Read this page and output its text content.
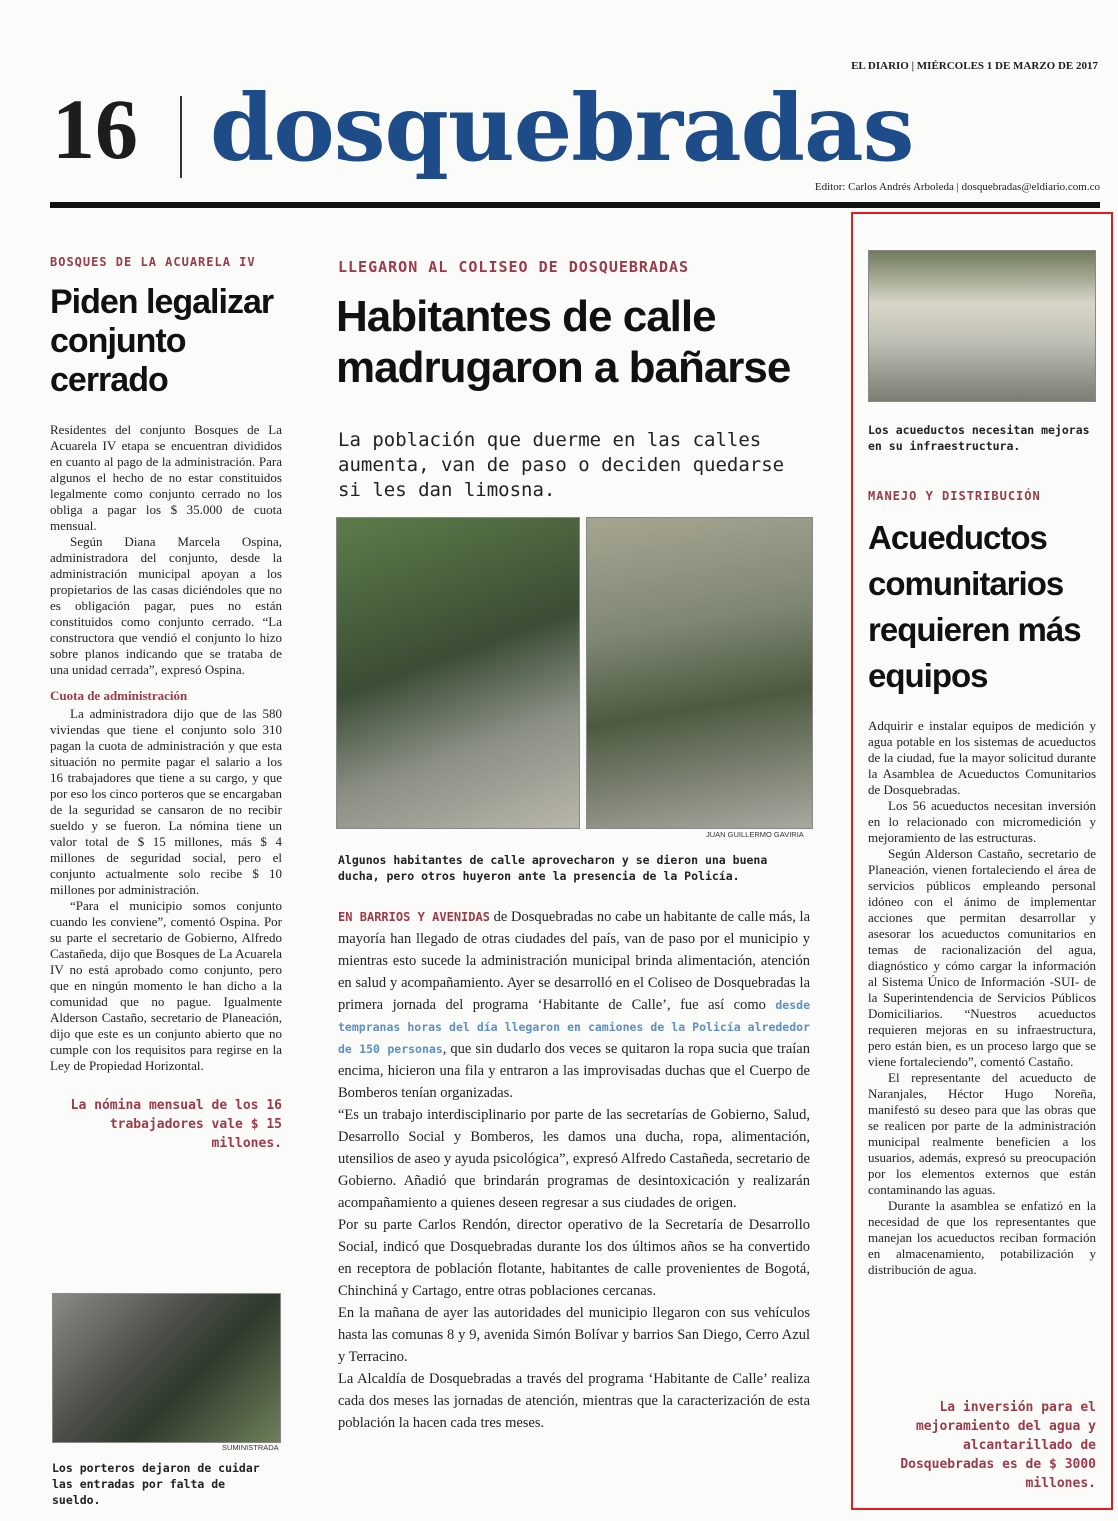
EL DIARIO | MIÉRCOLES 1 DE MARZO DE 2017
16 dosquebradas
Editor: Carlos Andrés Arboleda | dosquebradas@eldiario.com.co
BOSQUES DE LA ACUARELA IV
Piden legalizar conjunto cerrado

Residentes del conjunto Bosques de La Acuarela IV etapa se encuentran divididos en cuanto al pago de la administración. Para algunos el hecho de no estar constituidos legalmente como conjunto cerrado no los obliga a pagar los $ 35.000 de cuota mensual.

Según Diana Marcela Ospina, administradora del conjunto, desde la administración municipal apoyan a los propietarios de las casas diciéndoles que no es obligación pagar, pues no están constituidos como conjunto cerrado. “La constructora que vendió el conjunto lo hizo sobre planos indicando que se trataba de una unidad cerrada”, expresó Ospina.

Cuota de administración

La administradora dijo que de las 580 viviendas que tiene el conjunto solo 310 pagan la cuota de administración y que esta situación no permite pagar el salario a los 16 trabajadores que tiene a su cargo, y que por eso los cinco porteros que se encargaban de la seguridad se cansaron de no recibir sueldo y se fueron. La nómina tiene un valor total de $ 15 millones, más $ 4 millones de seguridad social, pero el conjunto actualmente solo recibe $ 10 millones por administración.

“Para el municipio somos conjunto cuando les conviene”, comentó Ospina. Por su parte el secretario de Gobierno, Alfredo Castañeda, dijo que Bosques de La Acuarela IV no está aprobado como conjunto, pero que en ningún momento le han dicho a la comunidad que no pague. Igualmente Alderson Castaño, secretario de Planeación, dijo que este es un conjunto abierto que no cumple con los requisitos para regirse en la Ley de Propiedad Horizontal.

La nómina mensual de los 16 trabajadores vale $ 15 millones.
SUMINISTRADA
Los porteros dejaron de cuidar las entradas por falta de sueldo.
LLEGARON AL COLISEO DE DOSQUEBRADAS
Habitantes de calle madrugaron a bañarse
La población que duerme en las calles aumenta, van de paso o deciden quedarse si les dan limosna.
JUAN GUILLERMO GAVIRIA
Algunos habitantes de calle aprovecharon y se dieron una buena ducha, pero otros huyeron ante la presencia de la Policía.

EN BARRIOS Y AVENIDAS de Dosquebradas no cabe un habitante de calle más, la mayoría han llegado de otras ciudades del país, van de paso por el municipio y mientras esto sucede la administración municipal brinda alimentación, atención en salud y acompañamiento. Ayer se desarrolló en el Coliseo de Dosquebradas la primera jornada del programa ‘Habitante de Calle’, fue así como desde tempranas horas del día llegaron en camiones de la Policía alrededor de 150 personas, que sin dudarlo dos veces se quitaron la ropa sucia que traían encima, hicieron una fila y entraron a las improvisadas duchas que el Cuerpo de Bomberos tenían organizadas.

“Es un trabajo interdisciplinario por parte de las secretarías de Gobierno, Salud, Desarrollo Social y Bomberos, les damos una ducha, ropa, alimentación, utensilios de aseo y ayuda psicológica”, expresó Alfredo Castañeda, secretario de Gobierno. Añadió que brindarán programas de desintoxicación y realizarán acompañamiento a quienes deseen regresar a sus ciudades de origen.

Por su parte Carlos Rendón, director operativo de la Secretaría de Desarrollo Social, indicó que Dosquebradas durante los dos últimos años se ha convertido en receptora de población flotante, habitantes de calle provenientes de Bogotá, Chinchiná y Cartago, entre otras poblaciones cercanas.

En la mañana de ayer las autoridades del municipio llegaron con sus vehículos hasta las comunas 8 y 9, avenida Simón Bolívar y barrios San Diego, Cerro Azul y Terracino.

La Alcaldía de Dosquebradas a través del programa ‘Habitante de Calle’ realiza cada dos meses las jornadas de atención, mientras que la caracterización de esta población la hacen cada tres meses.

Los acueductos necesitan mejoras en su infraestructura.
MANEJO Y DISTRIBUCIÓN
Acueductos comunitarios requieren más equipos

Adquirir e instalar equipos de medición y agua potable en los sistemas de acueductos de la ciudad, fue la mayor solicitud durante la Asamblea de Acueductos Comunitarios de Dosquebradas.

Los 56 acueductos necesitan inversión en lo relacionado con micromedición y mejoramiento de las estructuras.

Según Alderson Castaño, secretario de Planeación, vienen fortaleciendo el área de servicios públicos empleando personal idóneo con el ánimo de implementar acciones que permitan desarrollar y asesorar los acueductos comunitarios en temas de racionalización del agua, diagnóstico y cómo cargar la información al Sistema Único de Información -SUI- de la Superintendencia de Servicios Públicos Domiciliarios. “Nuestros acueductos requieren mejoras en su infraestructura, pero están bien, es un proceso largo que se viene fortaleciendo”, comentó Castaño.

El representante del acueducto de Naranjales, Héctor Hugo Noreña, manifestó su deseo para que las obras que se realicen por parte de la administración municipal realmente beneficien a los usuarios, además, expresó su preocupación por los elementos externos que están contaminando las aguas.

Durante la asamblea se enfatizó en la necesidad de que los representantes que manejan los acueductos reciban formación en almacenamiento, potabilización y distribución de agua.

La inversión para el mejoramiento del agua y alcantarillado de Dosquebradas es de $ 3000 millones.
